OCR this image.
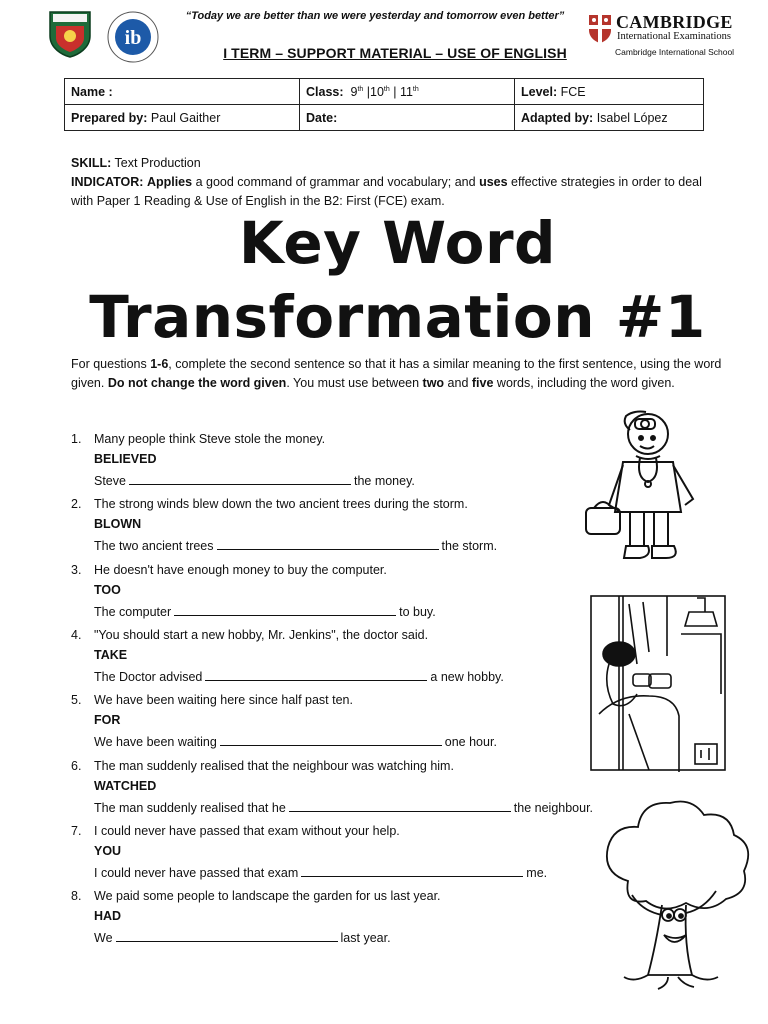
ib
“Today we are better than we were yesterday and tomorrow even better”
I TERM – SUPPORT MATERIAL – USE OF ENGLISH
CAMBRIDGE
International Examinations
Cambridge International School
Name :	Class: 9th |10th | 11th	Level: FCE
Prepared by: Paul Gaither	Date:	Adapted by: Isabel López
SKILL: Text Production
INDICATOR: Applies a good command of grammar and vocabulary; and uses effective strategies in order to deal with Paper 1 Reading & Use of English in the B2: First (FCE) exam.
Key Word
Transformation #1
For questions 1-6, complete the second sentence so that it has a similar meaning to the first sentence, using the word given. Do not change the word given. You must use between two and five words, including the word given.
1. Many people think Steve stole the money.
BELIEVED
Steve	the money.
2. The strong winds blew down the two ancient trees during the storm.
BLOWN
The two ancient trees	the storm.
3. He doesn't have enough money to buy the computer.
TOO
The computer	to buy.
4. "You should start a new hobby, Mr. Jenkins", the doctor said.
TAKE
The Doctor advised	a new hobby.
5. We have been waiting here since half past ten.
FOR
We have been waiting	one hour.
6. The man suddenly realised that the neighbour was watching him.
WATCHED
The man suddenly realised that he	the neighbour.
7. I could never have passed that exam without your help.
YOU
I could never have passed that exam	me.
8. We paid some people to landscape the garden for us last year.
HAD
We	last year.
